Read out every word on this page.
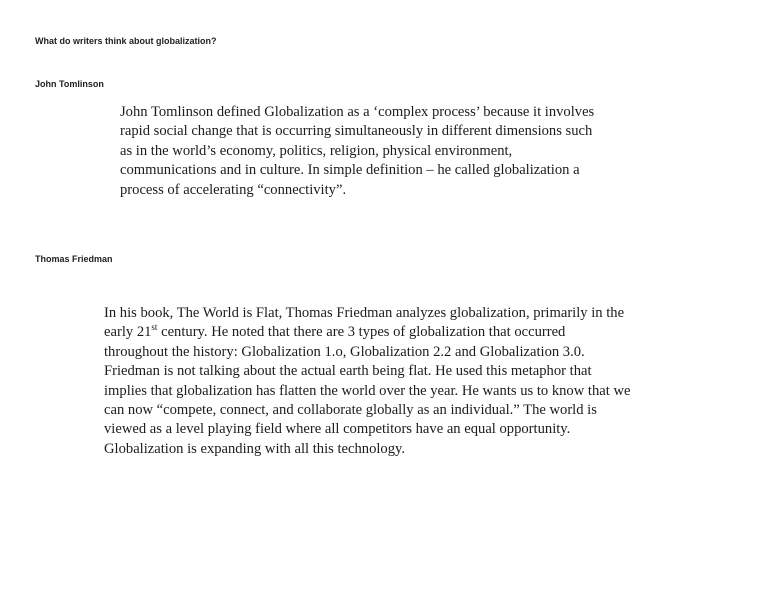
What do writers think about globalization?
John Tomlinson
John Tomlinson defined Globalization as a ‘complex process’ because it involves
rapid social change that is occurring simultaneously in different dimensions such
as in the world’s economy, politics, religion, physical environment,
communications and in culture. In simple definition – he called globalization a
process of accelerating “connectivity”.
Thomas Friedman
In his book, The World is Flat, Thomas Friedman analyzes globalization, primarily in the
early 21st century. He noted that there are 3 types of globalization that occurred
throughout the history: Globalization 1.o, Globalization 2.2 and Globalization 3.0.
Friedman is not talking about the actual earth being flat. He used this metaphor that
implies that globalization has flatten the world over the year. He wants us to know that we
can now “compete, connect, and collaborate globally as an individual.” The world is
viewed as a level playing field where all competitors have an equal opportunity.
Globalization is expanding with all this technology.
